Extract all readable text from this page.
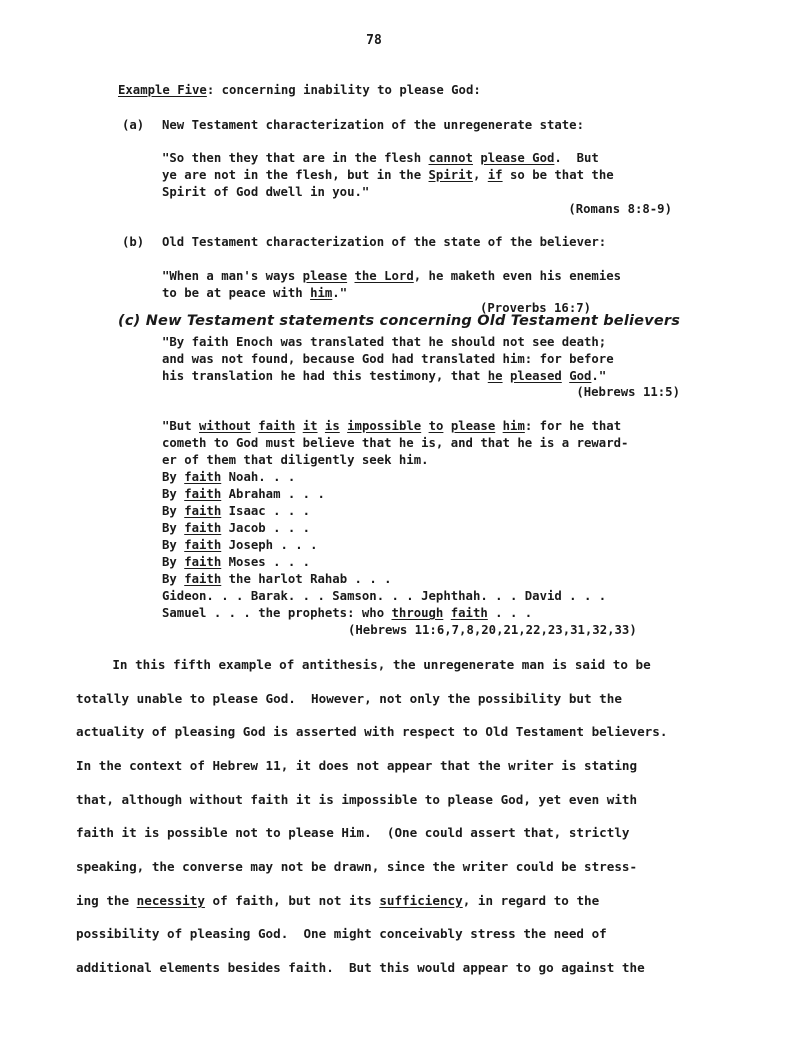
78
Example Five: concerning inability to please God:
(a) New Testament characterization of the unregenerate state:
"So then they that are in the flesh cannot please God.  But
ye are not in the flesh, but in the Spirit, if so be that the
Spirit of God dwell in you."
(Romans 8:8-9)
(b) Old Testament characterization of the state of the believer:
"When a man's ways please the Lord, he maketh even his enemies
to be at peace with him."
(Proverbs 16:7)
(c) New Testament statements concerning Old Testament believers
"By faith Enoch was translated that he should not see death;
and was not found, because God had translated him: for before
his translation he had this testimony, that he pleased God."
(Hebrews 11:5)
"But without faith it is impossible to please him: for he that
cometh to God must believe that he is, and that he is a reward-
er of them that diligently seek him.
By faith Noah. . .
By faith Abraham . . .
By faith Isaac . . .
By faith Jacob . . .
By faith Joseph . . .
By faith Moses . . .
By faith the harlot Rahab . . .
Gideon. . . Barak. . . Samson. . . Jephthah. . . David . . .
Samuel . . . the prophets: who through faith . . .
(Hebrews 11:6,7,8,20,21,22,23,31,32,33)
In this fifth example of antithesis, the unregenerate man is said to be
totally unable to please God.  However, not only the possibility but the
actuality of pleasing God is asserted with respect to Old Testament believers.
In the context of Hebrew 11, it does not appear that the writer is stating
that, although without faith it is impossible to please God, yet even with
faith it is possible not to please Him.  (One could assert that, strictly
speaking, the converse may not be drawn, since the writer could be stress-
ing the necessity of faith, but not its sufficiency, in regard to the
possibility of pleasing God.  One might conceivably stress the need of
additional elements besides faith.  But this would appear to go against the
